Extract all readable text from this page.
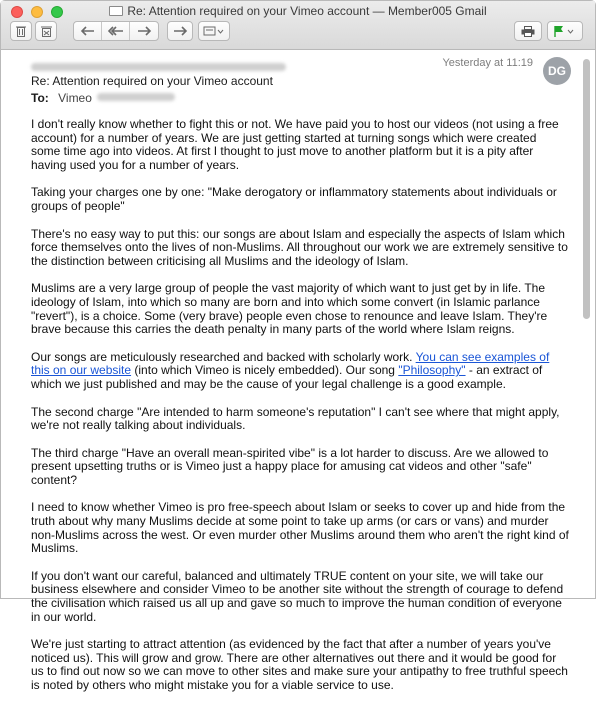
Re: Attention required on your Vimeo account — Member005 Gmail
Yesterday at 11:19
DG
Re: Attention required on your Vimeo account
To: Vimeo

I don't really know whether to fight this or not. We have paid you to host our videos (not using a free account) for a number of years. We are just getting started at turning songs which were created some time ago into videos. At first I thought to just move to another platform but it is a pity after having used you for a number of years.

Taking your charges one by one: "Make derogatory or inflammatory statements about individuals or groups of people"

There's no easy way to put this: our songs are about Islam and especially the aspects of Islam which force themselves onto the lives of non-Muslims. All throughout our work we are extremely sensitive to the distinction between criticising all Muslims and the ideology of Islam.

Muslims are a very large group of people the vast majority of which want to just get by in life. The ideology of Islam, into which so many are born and into which some convert (in Islamic parlance "revert"), is a choice. Some (very brave) people even chose to renounce and leave Islam. They're brave because this carries the death penalty in many parts of the world where Islam reigns.

Our songs are meticulously researched and backed with scholarly work. You can see examples of this on our website (into which Vimeo is nicely embedded). Our song "Philosophy" - an extract of which we just published and may be the cause of your legal challenge is a good example.

The second charge "Are intended to harm someone's reputation" I can't see where that might apply, we're not really talking about individuals.

The third charge "Have an overall mean-spirited vibe" is a lot harder to discuss. Are we allowed to present upsetting truths or is Vimeo just a happy place for amusing cat videos and other "safe" content?

I need to know whether Vimeo is pro free-speech about Islam or seeks to cover up and hide from the truth about why many Muslims decide at some point to take up arms (or cars or vans) and murder non-Muslims across the west. Or even murder other Muslims around them who aren't the right kind of Muslims.

If you don't want our careful, balanced and ultimately TRUE content on your site, we will take our business elsewhere and consider Vimeo to be another site without the strength of courage to defend the civilisation which raised us all up and gave so much to improve the human condition of everyone in our world.

We're just starting to attract attention (as evidenced by the fact that after a number of years you've noticed us). This will grow and grow. There are other alternatives out there and it would be good for us to find out now so we can move to other sites and make sure your antipathy to free truthful speech is noted by others who might mistake you for a viable service to use.
